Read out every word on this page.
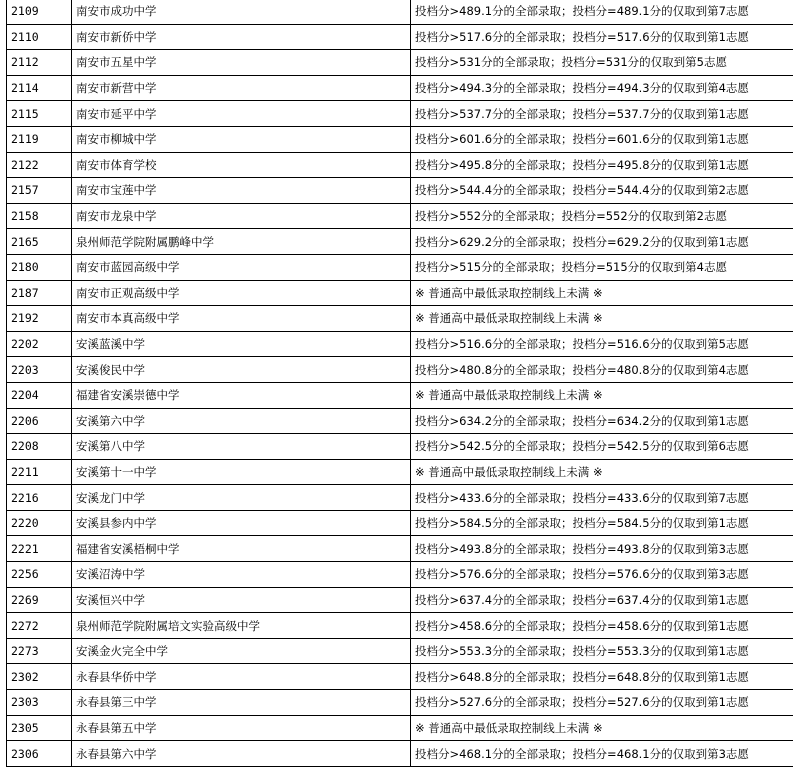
2109	南安市成功中学	投档分>489.1分的全部录取；投档分=489.1分的仅取到第7志愿
2110	南安市新侨中学	投档分>517.6分的全部录取；投档分=517.6分的仅取到第1志愿
2112	南安市五星中学	投档分>531分的全部录取；投档分=531分的仅取到第5志愿
2114	南安市新营中学	投档分>494.3分的全部录取；投档分=494.3分的仅取到第4志愿
2115	南安市延平中学	投档分>537.7分的全部录取；投档分=537.7分的仅取到第1志愿
2119	南安市柳城中学	投档分>601.6分的全部录取；投档分=601.6分的仅取到第1志愿
2122	南安市体育学校	投档分>495.8分的全部录取；投档分=495.8分的仅取到第1志愿
2157	南安市宝莲中学	投档分>544.4分的全部录取；投档分=544.4分的仅取到第2志愿
2158	南安市龙泉中学	投档分>552分的全部录取；投档分=552分的仅取到第2志愿
2165	泉州师范学院附属鹏峰中学	投档分>629.2分的全部录取；投档分=629.2分的仅取到第1志愿
2180	南安市蓝园高级中学	投档分>515分的全部录取；投档分=515分的仅取到第4志愿
2187	南安市正观高级中学	※ 普通高中最低录取控制线上未满 ※
2192	南安市本真高级中学	※ 普通高中最低录取控制线上未满 ※
2202	安溪蓝溪中学	投档分>516.6分的全部录取；投档分=516.6分的仅取到第5志愿
2203	安溪俊民中学	投档分>480.8分的全部录取；投档分=480.8分的仅取到第4志愿
2204	福建省安溪崇德中学	※ 普通高中最低录取控制线上未满 ※
2206	安溪第六中学	投档分>634.2分的全部录取；投档分=634.2分的仅取到第1志愿
2208	安溪第八中学	投档分>542.5分的全部录取；投档分=542.5分的仅取到第6志愿
2211	安溪第十一中学	※ 普通高中最低录取控制线上未满 ※
2216	安溪龙门中学	投档分>433.6分的全部录取；投档分=433.6分的仅取到第7志愿
2220	安溪县参内中学	投档分>584.5分的全部录取；投档分=584.5分的仅取到第1志愿
2221	福建省安溪梧桐中学	投档分>493.8分的全部录取；投档分=493.8分的仅取到第3志愿
2256	安溪沼涛中学	投档分>576.6分的全部录取；投档分=576.6分的仅取到第3志愿
2269	安溪恒兴中学	投档分>637.4分的全部录取；投档分=637.4分的仅取到第1志愿
2272	泉州师范学院附属培文实验高级中学	投档分>458.6分的全部录取；投档分=458.6分的仅取到第1志愿
2273	安溪金火完全中学	投档分>553.3分的全部录取；投档分=553.3分的仅取到第1志愿
2302	永春县华侨中学	投档分>648.8分的全部录取；投档分=648.8分的仅取到第1志愿
2303	永春县第三中学	投档分>527.6分的全部录取；投档分=527.6分的仅取到第1志愿
2305	永春县第五中学	※ 普通高中最低录取控制线上未满 ※
2306	永春县第六中学	投档分>468.1分的全部录取；投档分=468.1分的仅取到第3志愿
